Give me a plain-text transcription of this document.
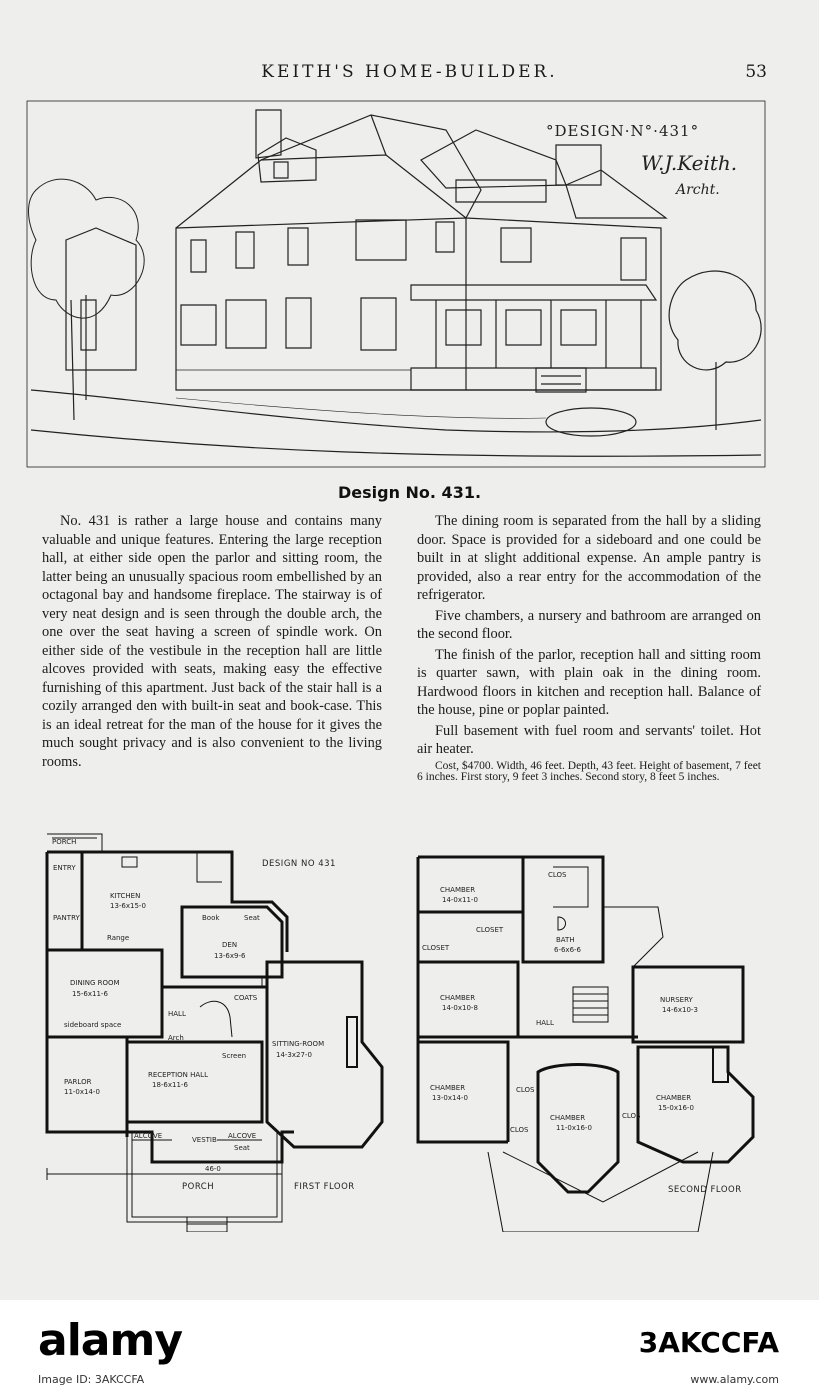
KEITH'S HOME-BUILDER.	53
°DESIGN·N°·431°
W.J.Keith.
Archt.
Design No. 431.

No. 431 is rather a large house and contains many valuable and unique features. Entering the large reception hall, at either side open the parlor and sitting room, the latter being an unusually spacious room embellished by an octagonal bay and handsome fireplace. The stairway is of very neat design and is seen through the double arch, the one over the seat having a screen of spindle work. On either side of the vestibule in the reception hall are little alcoves provided with seats, making easy the effective furnishing of this apartment. Just back of the stair hall is a cozily arranged den with built-in seat and book-case. This is an ideal retreat for the man of the house for it gives the much sought privacy and is also convenient to the living rooms.

The dining room is separated from the hall by a sliding door. Space is provided for a sideboard and one could be built in at slight additional expense. An ample pantry is provided, also a rear entry for the accommodation of the refrigerator.

Five chambers, a nursery and bathroom are arranged on the second floor.

The finish of the parlor, reception hall and sitting room is quarter sawn, with plain oak in the dining room. Hardwood floors in kitchen and reception hall. Balance of the house, pine or poplar painted.

Full basement with fuel room and servants' toilet. Hot air heater.

Cost, $4700. Width, 46 feet. Depth, 43 feet. Height of basement, 7 feet 6 inches. First story, 9 feet 3 inches. Second story, 8 feet 5 inches.
DESIGN NO 431
PORCH
ENTRY
PANTRY
KITCHEN
13-6x15-0
Range
Book	Seat
DEN
13-6x9-6
DINING ROOM
15-6x11-6
sideboard space
HALL
COATS
Arch
Screen
SITTING-ROOM
14-3x27-0
PARLOR
11-0x14-0
RECEPTION HALL
18-6x11-6
ALCOVE	VESTIB ALCOVE
Seat
46-0
PORCH	FIRST FLOOR
CHAMBER
14-0x11-0
CLOS
CLOSET
CLOSET
BATH
6-6x6-6
CHAMBER
14-0x10-8
HALL
NURSERY
14-6x10-3
CHAMBER
13-0x14-0
CHAMBER
11-0x16-0
CHAMBER
15-0x16-0
CLOS
CLOS
CLOS
SECOND FLOOR
alamy	3AKCCFA
Image ID: 3AKCCFA	www.alamy.com
